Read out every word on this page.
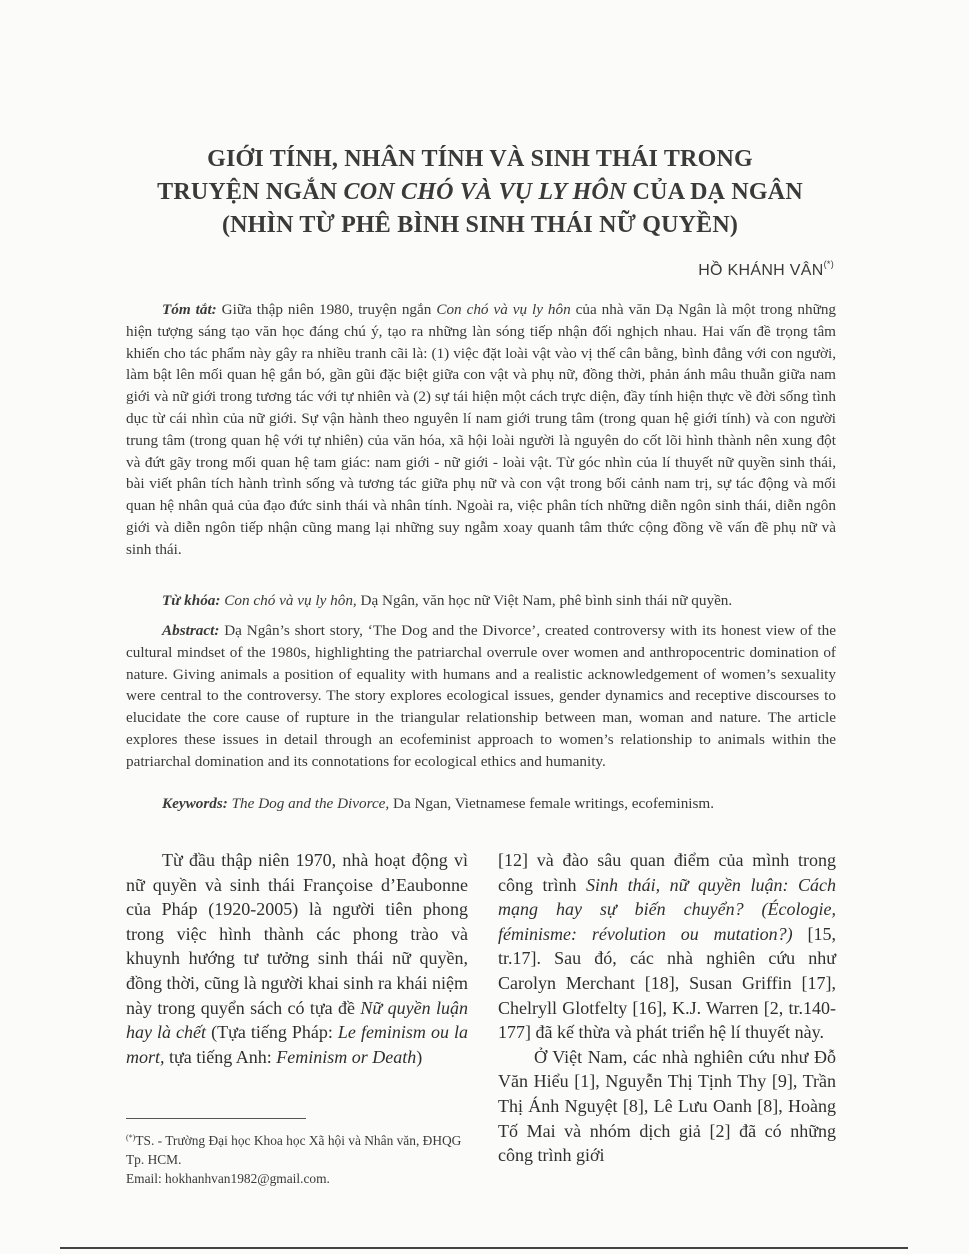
GIỚI TÍNH, NHÂN TÍNH VÀ SINH THÁI TRONG
TRUYỆN NGẮN CON CHÓ VÀ VỤ LY HÔN CỦA DẠ NGÂN
(NHÌN TỪ PHÊ BÌNH SINH THÁI NỮ QUYỀN)
HỒ KHÁNH VÂN(*)
Tóm tắt: Giữa thập niên 1980, truyện ngắn Con chó và vụ ly hôn của nhà văn Dạ Ngân là một trong những hiện tượng sáng tạo văn học đáng chú ý, tạo ra những làn sóng tiếp nhận đối nghịch nhau. Hai vấn đề trọng tâm khiến cho tác phẩm này gây ra nhiều tranh cãi là: (1) việc đặt loài vật vào vị thế cân bằng, bình đẳng với con người, làm bật lên mối quan hệ gắn bó, gần gũi đặc biệt giữa con vật và phụ nữ, đồng thời, phản ánh mâu thuẫn giữa nam giới và nữ giới trong tương tác với tự nhiên và (2) sự tái hiện một cách trực diện, đầy tính hiện thực về đời sống tình dục từ cái nhìn của nữ giới. Sự vận hành theo nguyên lí nam giới trung tâm (trong quan hệ giới tính) và con người trung tâm (trong quan hệ với tự nhiên) của văn hóa, xã hội loài người là nguyên do cốt lõi hình thành nên xung đột và đứt gãy trong mối quan hệ tam giác: nam giới - nữ giới - loài vật. Từ góc nhìn của lí thuyết nữ quyền sinh thái, bài viết phân tích hành trình sống và tương tác giữa phụ nữ và con vật trong bối cảnh nam trị, sự tác động và mối quan hệ nhân quả của đạo đức sinh thái và nhân tính. Ngoài ra, việc phân tích những diễn ngôn sinh thái, diễn ngôn giới và diễn ngôn tiếp nhận cũng mang lại những suy ngẫm xoay quanh tâm thức cộng đồng về vấn đề phụ nữ và sinh thái.
Từ khóa: Con chó và vụ ly hôn, Dạ Ngân, văn học nữ Việt Nam, phê bình sinh thái nữ quyền.
Abstract: Dạ Ngân’s short story, ‘The Dog and the Divorce’, created controversy with its honest view of the cultural mindset of the 1980s, highlighting the patriarchal overrule over women and anthropocentric domination of nature. Giving animals a position of equality with humans and a realistic acknowledgement of women’s sexuality were central to the controversy. The story explores ecological issues, gender dynamics and receptive discourses to elucidate the core cause of rupture in the triangular relationship between man, woman and nature. The article explores these issues in detail through an ecofeminist approach to women’s relationship to animals within the patriarchal domination and its connotations for ecological ethics and humanity.
Keywords: The Dog and the Divorce, Da Ngan, Vietnamese female writings, ecofeminism.

Từ đầu thập niên 1970, nhà hoạt động vì nữ quyền và sinh thái Françoise d’Eaubonne của Pháp (1920-2005) là người tiên phong trong việc hình thành các phong trào và khuynh hướng tư tưởng sinh thái nữ quyền, đồng thời, cũng là người khai sinh ra khái niệm này trong quyển sách có tựa đề Nữ quyền luận hay là chết (Tựa tiếng Pháp: Le feminism ou la mort, tựa tiếng Anh: Feminism or Death)

[12] và đào sâu quan điểm của mình trong công trình Sinh thái, nữ quyền luận: Cách mạng hay sự biến chuyển? (Écologie, féminisme: révolution ou mutation?) [15, tr.17]. Sau đó, các nhà nghiên cứu như Carolyn Merchant [18], Susan Griffin [17], Chelryll Glotfelty [16], K.J. Warren [2, tr.140-177] đã kế thừa và phát triển hệ lí thuyết này.

Ở Việt Nam, các nhà nghiên cứu như Đỗ Văn Hiểu [1], Nguyễn Thị Tịnh Thy [9], Trần Thị Ánh Nguyệt [8], Lê Lưu Oanh [8], Hoàng Tố Mai và nhóm dịch giả [2] đã có những công trình giới

(*)TS. - Trường Đại học Khoa học Xã hội và Nhân văn, ĐHQG Tp. HCM.
Email: hokhanhvan1982@gmail.com.
